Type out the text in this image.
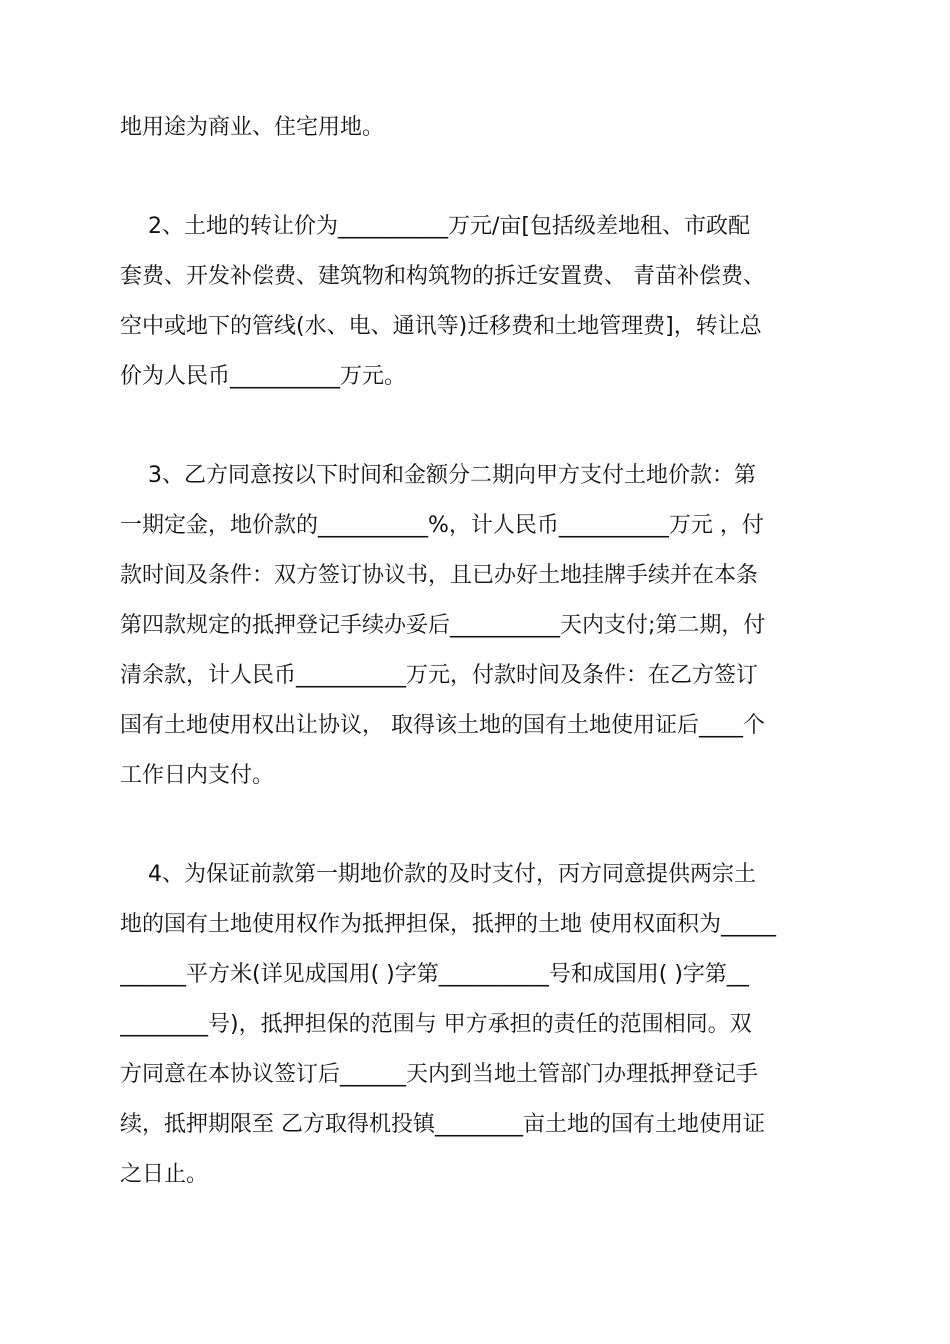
地用途为商业、住宅用地。
2、土地的转让价为__________万元/亩[包括级差地租、市政配
套费、开发补偿费、建筑物和构筑物的拆迁安置费、 青苗补偿费、
空中或地下的管线(水、电、通讯等)迁移费和土地管理费]，转让总
价为人民币__________万元。
3、乙方同意按以下时间和金额分二期向甲方支付土地价款：第
一期定金，地价款的__________%，计人民币__________万元 ，付
款时间及条件：双方签订协议书，且已办好土地挂牌手续并在本条
第四款规定的抵押登记手续办妥后__________天内支付;第二期，付
清余款，计人民币__________万元，付款时间及条件：在乙方签订
国有土地使用权出让协议， 取得该土地的国有土地使用证后____个
工作日内支付。
4、为保证前款第一期地价款的及时支付，丙方同意提供两宗土
地的国有土地使用权作为抵押担保，抵押的土地 使用权面积为_____
______平方米(详见成国用( )字第__________号和成国用( )字第__
________号)，抵押担保的范围与 甲方承担的责任的范围相同。双
方同意在本协议签订后______天内到当地土管部门办理抵押登记手
续，抵押期限至 乙方取得机投镇________亩土地的国有土地使用证
之日止。
